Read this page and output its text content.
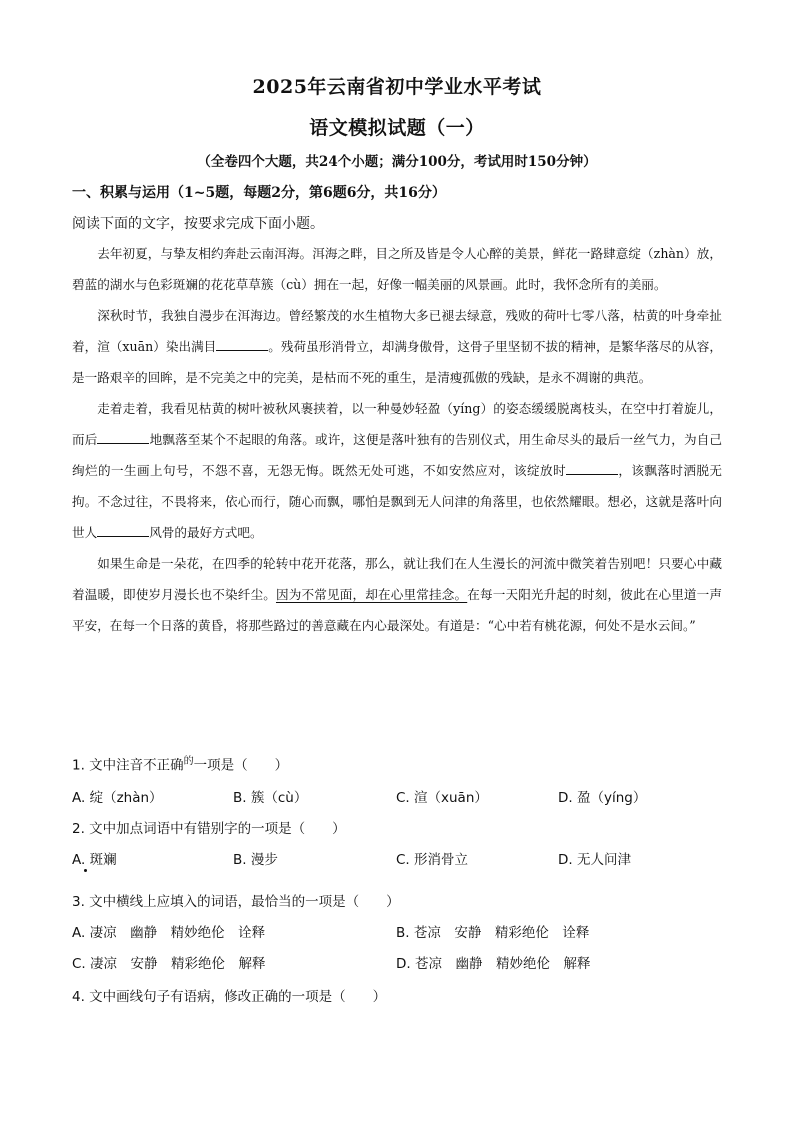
2025年云南省初中学业水平考试
语文模拟试题（一）
（全卷四个大题，共24个小题；满分100分，考试用时150分钟）
一、积累与运用（1~5题，每题2分，第6题6分，共16分）
阅读下面的文字，按要求完成下面小题。

去年初夏，与挚友相约奔赴云南洱海。洱海之畔，目之所及皆是令人心醉的美景，鲜花一路肆意绽（zhàn）放，碧蓝的湖水与色彩斑斓的花花草草簇（cù）拥在一起，好像一幅美丽的风景画。此时，我怀念所有的美丽。

深秋时节，我独自漫步在洱海边。曾经繁茂的水生植物大多已褪去绿意，残败的荷叶七零八落，枯黄的叶身牵扯着，渲（xuān）染出满目	。残荷虽形消骨立，却满身傲骨，这骨子里坚韧不拔的精神，是繁华落尽的从容，是一路艰辛的回眸，是不完美之中的完美，是枯而不死的重生，是清瘦孤傲的残缺，是永不凋谢的典范。

走着走着，我看见枯黄的树叶被秋风裹挟着，以一种曼妙轻盈（yíng）的姿态缓缓脱离枝头，在空中打着旋儿，而后	地飘落至某个不起眼的角落。或许，这便是落叶独有的告别仪式，用生命尽头的最后一丝气力，为自己绚烂的一生画上句号，不怨不喜，无怨无悔。既然无处可逃，不如安然应对，该绽放时	，该飘落时洒脱无拘。不念过往，不畏将来，依心而行，随心而飘，哪怕是飘到无人问津的角落里，也依然耀眼。想必，这就是落叶向世人	风骨的最好方式吧。

如果生命是一朵花，在四季的轮转中花开花落，那么，就让我们在人生漫长的河流中微笑着告别吧！只要心中藏着温暖，即使岁月漫长也不染纤尘。因为不常见面，却在心里常挂念。在每一天阳光升起的时刻，彼此在心里道一声平安，在每一个日落的黄昏，将那些路过的善意藏在内心最深处。有道是：“心中若有桃花源，何处不是水云间。”

1. 文中注音不正确$^的$一项是（　　）
A. 绽（zhàn）	B. 簇（cù）	C. 渲（xuān）	D. 盈（yíng）
2. 文中加点词语中有错别字的一项是（　　）
A. 斑斓	B. 漫步	C. 形消骨立	D. 无人问津
3. 文中横线上应填入的词语，最恰当的一项是（　　）
A. 凄凉　幽静　精妙绝伦　诠释	B. 苍凉　安静　精彩绝伦　诠释
C. 凄凉　安静　精彩绝伦　解释	D. 苍凉　幽静　精妙绝伦　解释
4. 文中画线句子有语病，修改正确的一项是（　　）
